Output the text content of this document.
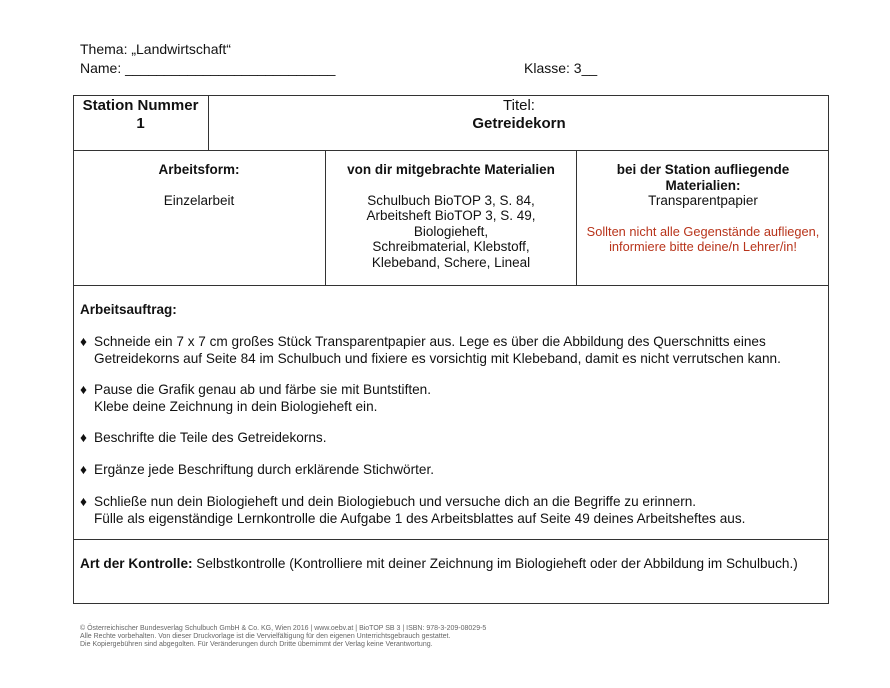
Thema: „Landwirtschaft“
Name: ___________________________	Klasse: 3__
Station Nummer
1
Titel:
Getreidekorn
Arbeitsform:
Einzelarbeit
von dir mitgebrachte Materialien
Schulbuch BioTOP 3, S. 84,
Arbeitsheft BioTOP 3, S. 49,
Biologieheft,
Schreibmaterial, Klebstoff,
Klebeband, Schere, Lineal
bei der Station aufliegende
Materialien:
Transparentpapier
Sollten nicht alle Gegenstände aufliegen,
informiere bitte deine/n Lehrer/in!
Arbeitsauftrag:
♦ Schneide ein 7 x 7 cm großes Stück Transparentpapier aus. Lege es über die Abbildung des Querschnitts eines
Getreidekorns auf Seite 84 im Schulbuch und fixiere es vorsichtig mit Klebeband, damit es nicht verrutschen kann.
♦ Pause die Grafik genau ab und färbe sie mit Buntstiften.
Klebe deine Zeichnung in dein Biologieheft ein.
♦ Beschrifte die Teile des Getreidekorns.
♦ Ergänze jede Beschriftung durch erklärende Stichwörter.
♦ Schließe nun dein Biologieheft und dein Biologiebuch und versuche dich an die Begriffe zu erinnern.
Fülle als eigenständige Lernkontrolle die Aufgabe 1 des Arbeitsblattes auf Seite 49 deines Arbeitsheftes aus.
Art der Kontrolle: Selbstkontrolle (Kontrolliere mit deiner Zeichnung im Biologieheft oder der Abbildung im Schulbuch.)
© Österreichischer Bundesverlag Schulbuch GmbH & Co. KG, Wien 2016 | www.oebv.at | BioTOP SB 3 | ISBN: 978-3-209-08029-5
Alle Rechte vorbehalten. Von dieser Druckvorlage ist die Vervielfältigung für den eigenen Unterrichtsgebrauch gestattet.
Die Kopiergebühren sind abgegolten. Für Veränderungen durch Dritte übernimmt der Verlag keine Verantwortung.
